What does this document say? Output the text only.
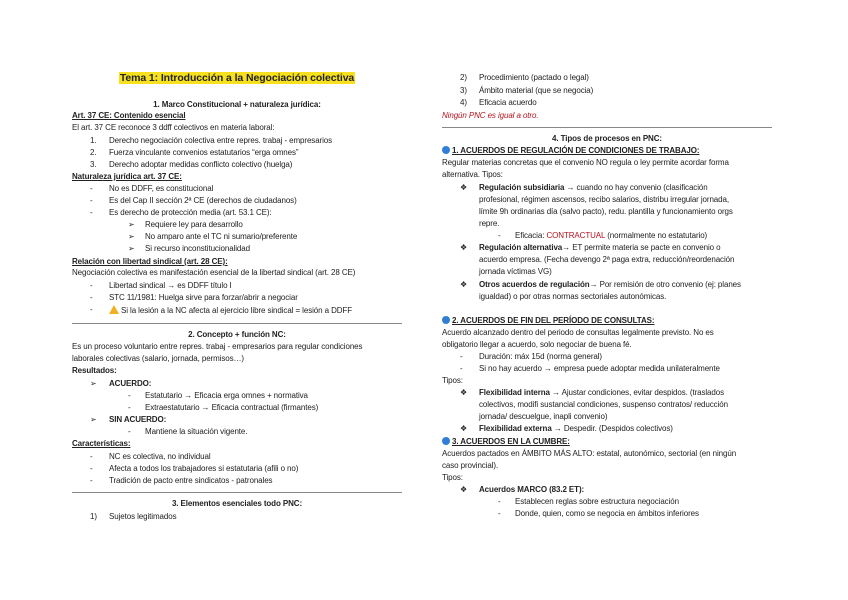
Tema 1: Introducción a la Negociación colectiva
1. Marco Constitucional + naturaleza jurídica:
Art. 37 CE: Contenido esencial
El art. 37 CE reconoce 3 ddff colectivos en materia laboral:
1. Derecho negociación colectiva entre repres. trabaj - empresarios
2. Fuerza vinculante convenios estatutarios “erga omnes”
3. Derecho adoptar medidas conflicto colectivo (huelga)
Naturaleza jurídica art. 37 CE:
- No es DDFF, es constitucional
- Es del Cap II sección 2ª CE (derechos de ciudadanos)
- Es derecho de protección media (art. 53.1 CE):
➢ Requiere ley para desarrollo
➢ No amparo ante el TC ni sumario/preferente
➢ Si recurso inconstitucionalidad
Relación con libertad sindical (art. 28 CE):
Negociación colectiva es manifestación esencial de la libertad sindical (art. 28 CE)
- Libertad sindical → es DDFF título I
- STC 11/1981: Huelga sirve para forzar/abrir a negociar
-	Si la lesión a la NC afecta al ejercicio libre sindical = lesión a DDFF
2. Concepto + función NC:
Es un proceso voluntario entre repres. trabaj - empresarios para regular condiciones
laborales colectivas (salario, jornada, permisos…)
Resultados:
➢ ACUERDO:
- Estatutario → Eficacia erga omnes + normativa
- Extraestatutario → Eficacia contractual (firmantes)
➢ SIN ACUERDO:
- Mantiene la situación vigente.
Características:
- NC es colectiva, no individual
- Afecta a todos los trabajadores si estatutaria (afili o no)
- Tradición de pacto entre sindicatos - patronales
3. Elementos esenciales todo PNC:
1) Sujetos legitimados
2) Procedimiento (pactado o legal)
3) Ámbito material (que se negocia)
4) Eficacia acuerdo
Ningún PNC es igual a otro.
4. Tipos de procesos en PNC:
1. ACUERDOS DE REGULACIÓN DE CONDICIONES DE TRABAJO:
Regular materias concretas que el convenio NO regula o ley permite acordar forma
alternativa. Tipos:
❖ Regulación subsidiaria → cuando no hay convenio (clasificación
profesional, régimen ascensos, recibo salarios, distribu irregular jornada,
límite 9h ordinarias día (salvo pacto), redu. plantilla y funcionamiento orgs
repre.
- Eficacia: CONTRACTUAL (normalmente no estatutario)
❖ Regulación alternativa→ ET permite materia se pacte en convenio o
acuerdo empresa. (Fecha devengo 2ª paga extra, reducción/reordenación
jornada víctimas VG)
❖ Otros acuerdos de regulación→ Por remisión de otro convenio (ej: planes
igualdad) o por otras normas sectoriales autonómicas.
2. ACUERDOS DE FIN DEL PERÍODO DE CONSULTAS:
Acuerdo alcanzado dentro del periodo de consultas legalmente previsto. No es
obligatorio llegar a acuerdo, solo negociar de buena fé.
- Duración: máx 15d (norma general)
- Si no hay acuerdo → empresa puede adoptar medida unilateralmente
Tipos:
❖ Flexibilidad interna → Ajustar condiciones, evitar despidos. (traslados
colectivos, modifi sustancial condiciones, suspenso contratos/ reducción
jornada/ descuelgue, inapli convenio)
❖ Flexibilidad externa → Despedir. (Despidos colectivos)
3. ACUERDOS EN LA CUMBRE:
Acuerdos pactados en ÁMBITO MÁS ALTO: estatal, autonómico, sectorial (en ningún
caso provincial).
Tipos:
❖ Acuerdos MARCO (83.2 ET):
- Establecen reglas sobre estructura negociación
- Donde, quien, como se negocia en ámbitos inferiores
